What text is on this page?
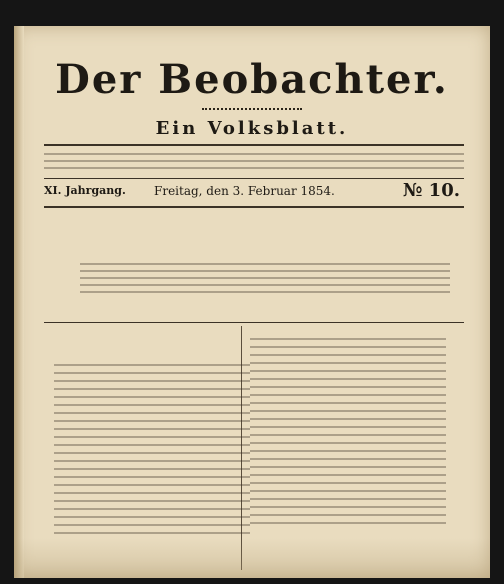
Der Beobachter.
Ein Volksblatt.
XI. Jahrgang. Freitag, den 3. Februar 1854.	№ 10.
